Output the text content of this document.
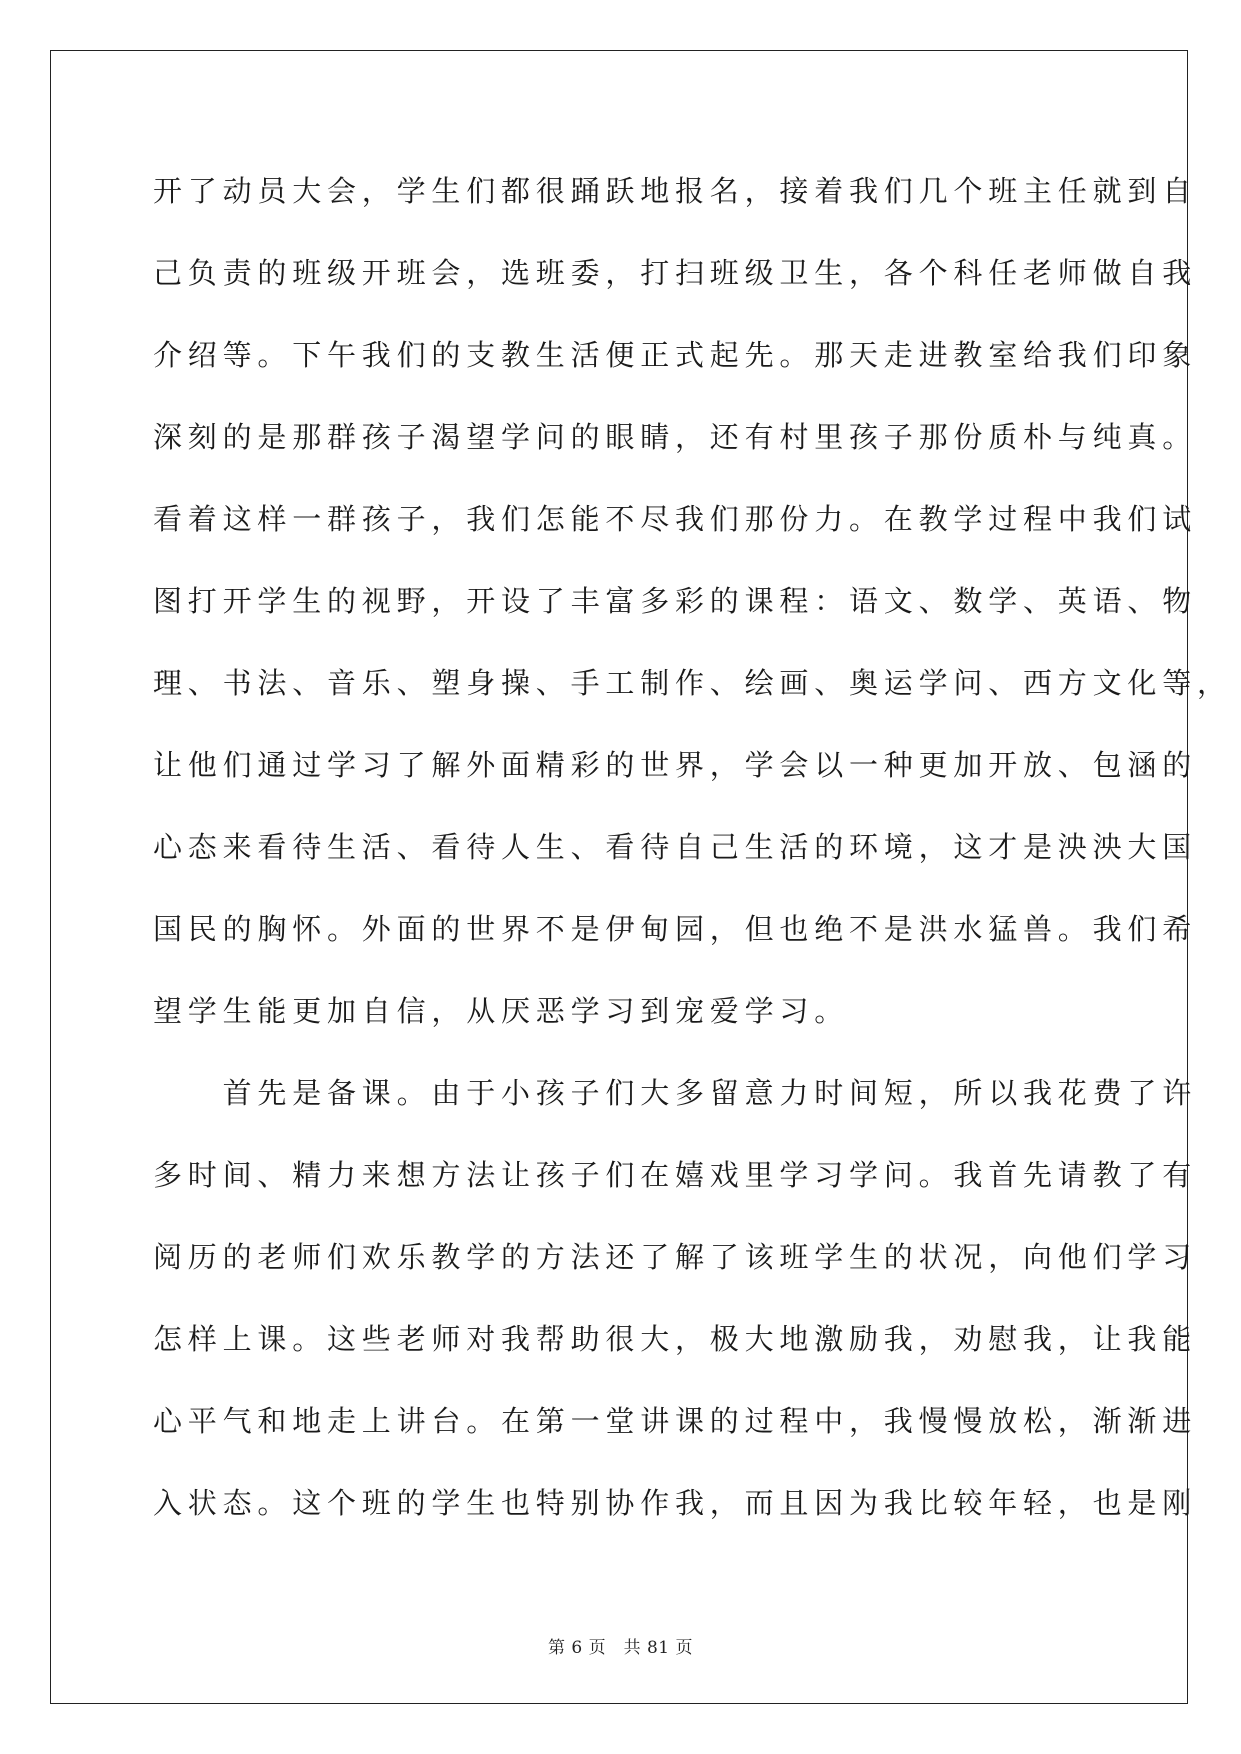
开了动员大会，学生们都很踊跃地报名，接着我们几个班主任就到自

己负责的班级开班会，选班委，打扫班级卫生，各个科任老师做自我

介绍等。下午我们的支教生活便正式起先。那天走进教室给我们印象

深刻的是那群孩子渴望学问的眼睛，还有村里孩子那份质朴与纯真。

看着这样一群孩子，我们怎能不尽我们那份力。在教学过程中我们试

图打开学生的视野，开设了丰富多彩的课程：语文、数学、英语、物

理、书法、音乐、塑身操、手工制作、绘画、奥运学问、西方文化等，

让他们通过学习了解外面精彩的世界，学会以一种更加开放、包涵的

心态来看待生活、看待人生、看待自己生活的环境，这才是泱泱大国

国民的胸怀。外面的世界不是伊甸园，但也绝不是洪水猛兽。我们希

望学生能更加自信，从厌恶学习到宠爱学习。

　　首先是备课。由于小孩子们大多留意力时间短，所以我花费了许

多时间、精力来想方法让孩子们在嬉戏里学习学问。我首先请教了有

阅历的老师们欢乐教学的方法还了解了该班学生的状况，向他们学习

怎样上课。这些老师对我帮助很大，极大地激励我，劝慰我，让我能

心平气和地走上讲台。在第一堂讲课的过程中，我慢慢放松，渐渐进

入状态。这个班的学生也特别协作我，而且因为我比较年轻，也是刚

第 6 页　共 81 页
